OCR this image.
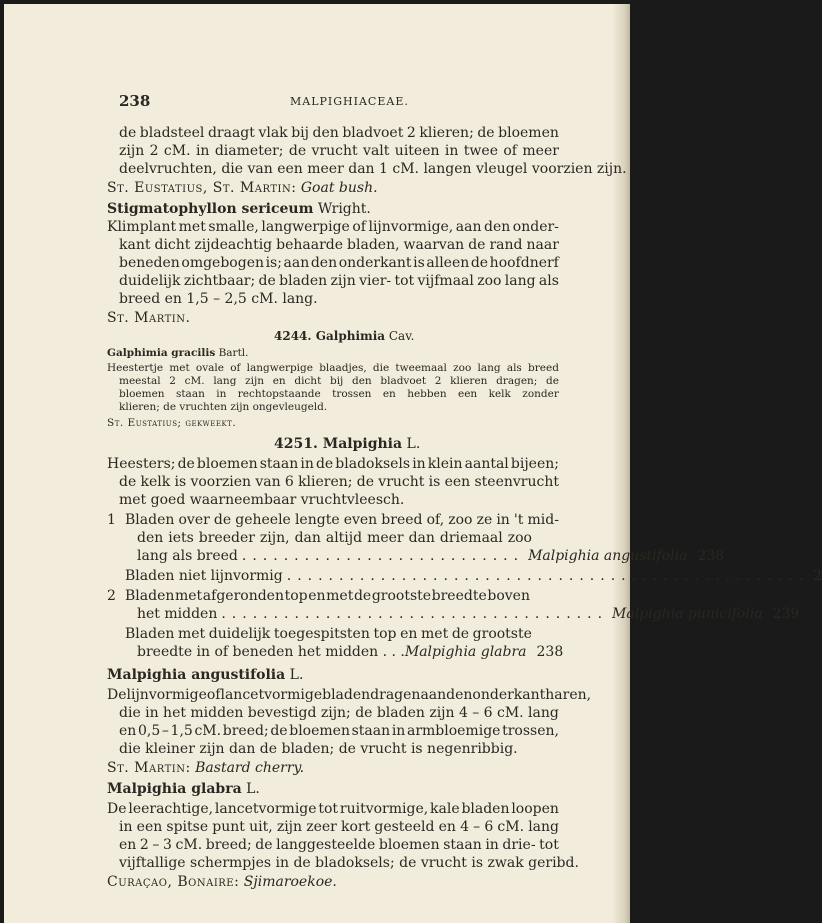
238	MALPIGHIACEAE.
de bladsteel draagt vlak bij den bladvoet 2 klieren; de bloemen
zijn 2 cM. in diameter; de vrucht valt uiteen in twee of meer
deelvruchten, die van een meer dan 1 cM. langen vleugel voorzien zijn.
St. Eustatius, St. Martin: Goat bush.
Stigmatophyllon sericeum Wright.
Klimplant met smalle, langwerpige of lijnvormige, aan den onder-
kant dicht zijdeachtig behaarde bladen, waarvan de rand naar
beneden omgebogen is; aan den onderkant is alleen de hoofdnerf
duidelijk zichtbaar; de bladen zijn vier- tot vijfmaal zoo lang als
breed en 1,5 – 2,5 cM. lang.
St. Martin.
4244. Galphimia Cav.
Galphimia gracilis Bartl.
Heestertje met ovale of langwerpige blaadjes, die tweemaal zoo lang als breed
meestal 2 cM. lang zijn en dicht bij den bladvoet 2 klieren dragen; de
bloemen staan in rechtopstaande trossen en hebben een kelk zonder
klieren; de vruchten zijn ongevleugeld.
St. Eustatius; gekweekt.
4251. Malpighia L.
Heesters; de bloemen staan in de bladoksels in klein aantal bijeen;
de kelk is voorzien van 6 klieren; de vrucht is een steenvrucht
met goed waarneembaar vruchtvleesch.
1 Bladen over de geheele lengte even breed of, zoo ze in 't mid-
den iets breeder zijn, dan altijd meer dan driemaal zoo
lang als breed ........................... Malpighia angustifolia 238
Bladen niet lijnvormig .................................................. 2
2 Bladen met afgeronden top en met de grootste breedte boven
het midden ..................................... Malpighia punicifolia 239
Bladen met duidelijk toegespitsten top en met de grootste
breedte in of beneden het midden . . . Malpighia glabra 238
Malpighia angustifolia L.
De lijnvormige of lancetvormige bladen dragen aan den onderkant haren,
die in het midden bevestigd zijn; de bladen zijn 4 – 6 cM. lang
en 0,5 – 1,5 cM. breed; de bloemen staan in armbloemige trossen,
die kleiner zijn dan de bladen; de vrucht is negenribbig.
St. Martin: Bastard cherry.
Malpighia glabra L.
De leerachtige, lancetvormige tot ruitvormige, kale bladen loopen
in een spitse punt uit, zijn zeer kort gesteeld en 4 – 6 cM. lang
en 2 – 3 cM. breed; de langgesteelde bloemen staan in drie- tot
vijftallige schermpjes in de bladoksels; de vrucht is zwak geribd.
Curaçao, Bonaire: Sjimaroekoe.
